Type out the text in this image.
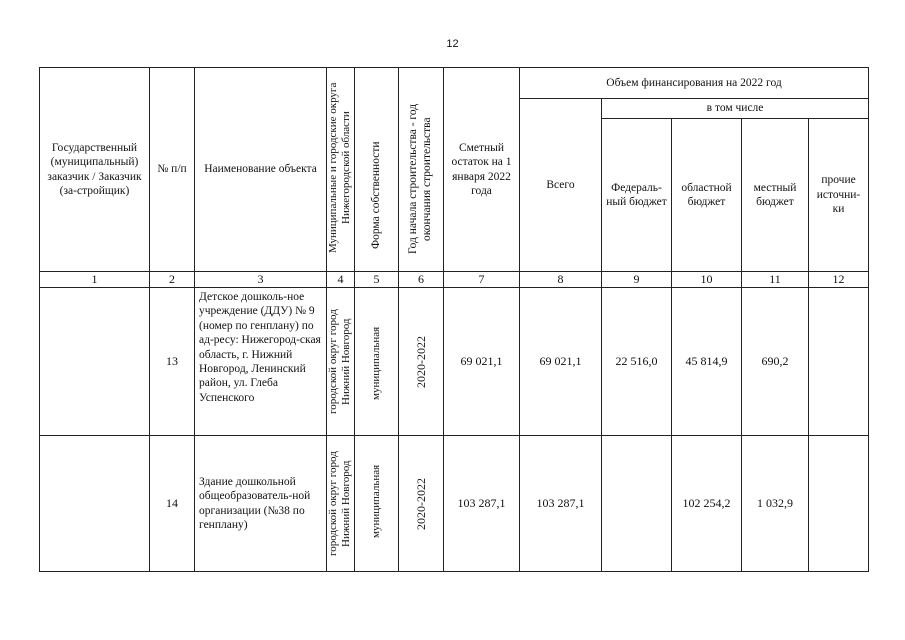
12
Государственный (муниципальный) заказчик / Заказчик (за-стройщик)	№ п/п	Наименование объекта	Муниципальные и городские округа Нижегородской области	Форма собственности	Год начала строительства - год окончания строительства	Сметный остаток на 1 января 2022 года	Объем финансирования на 2022 год				
							Всего	в том числе			
								Федераль-ный бюджет	областной бюджет	местный бюджет	прочие источни-ки
1	2	3	4	5	6	7	8	9	10	11	12
	13	Детское дошколь-ное учреждение (ДДУ) № 9 (номер по генплану) по ад-ресу: Нижегород-ская область, г. Нижний Новгород, Ленинский район, ул. Глеба Успенского	городской округ город Нижний Новгород	муниципальная	2020-2022	69 021,1	69 021,1	22 516,0	45 814,9	690,2	
	14	Здание дошкольной общеобразователь-ной организации (№38 по генплану)	городской округ город Нижний Новгород	муниципальная	2020-2022	103 287,1	103 287,1		102 254,2	1 032,9	
